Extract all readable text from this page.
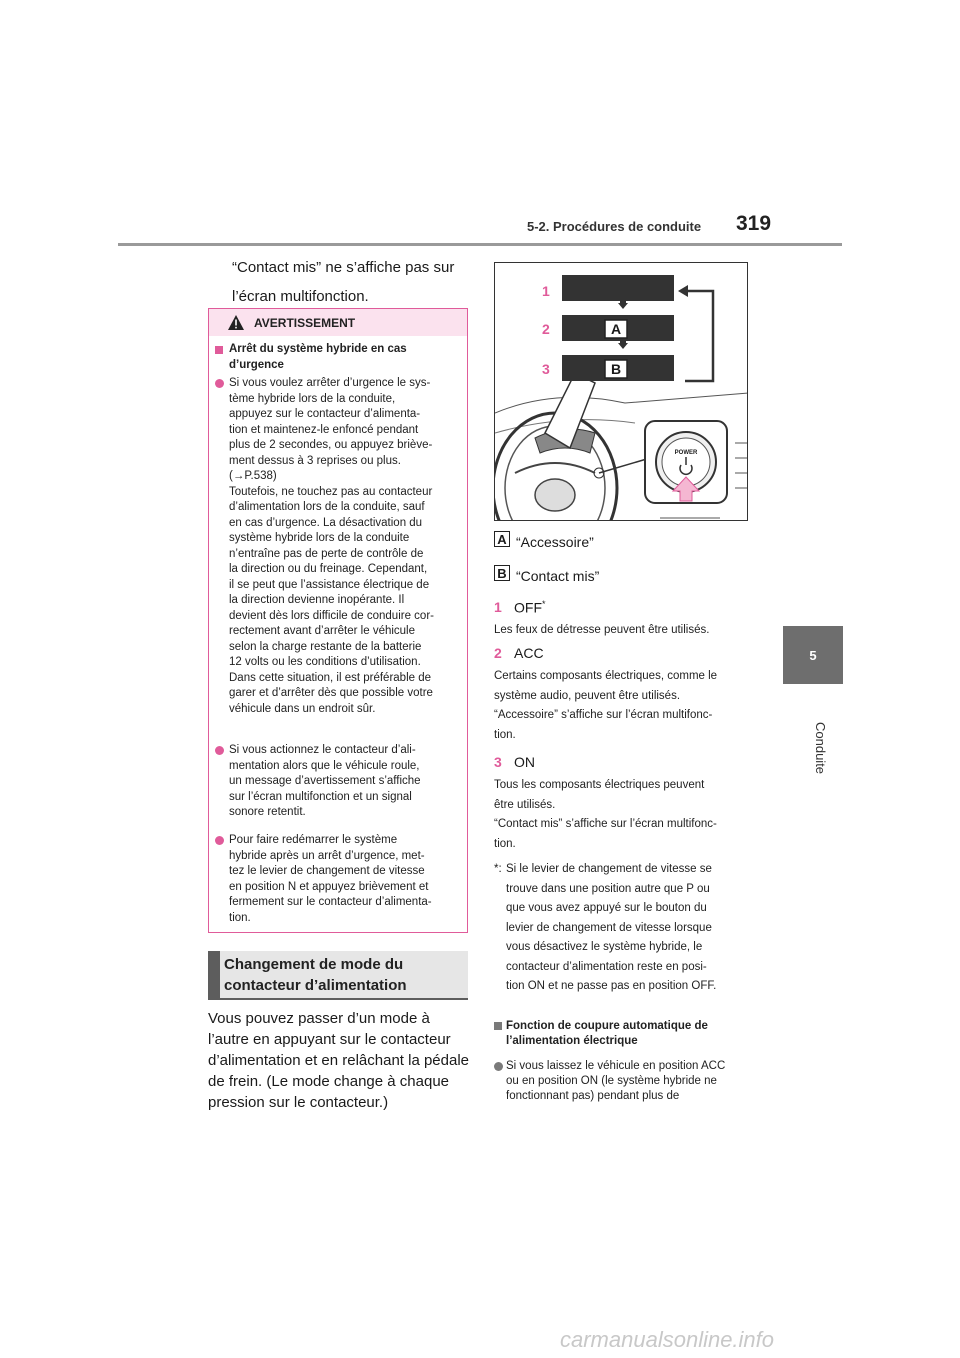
5-2. Procédures de conduite 319
5
Conduite
“Contact mis” ne s’affiche pas sur l’écran multifonction.
AVERTISSEMENT
Arrêt du système hybride en cas d’urgence
Si vous voulez arrêter d’urgence le sys-
tème hybride lors de la conduite,
appuyez sur le contacteur d’alimenta-
tion et maintenez-le enfoncé pendant
plus de 2 secondes, ou appuyez briève-
ment dessus à 3 reprises ou plus.
(→P.538)
Toutefois, ne touchez pas au contacteur
d’alimentation lors de la conduite, sauf
en cas d’urgence. La désactivation du
système hybride lors de la conduite
n’entraîne pas de perte de contrôle de
la direction ou du freinage. Cependant,
il se peut que l’assistance électrique de
la direction devienne inopérante. Il
devient dès lors difficile de conduire cor-
rectement avant d’arrêter le véhicule
selon la charge restante de la batterie
12 volts ou les conditions d’utilisation.
Dans cette situation, il est préférable de
garer et d’arrêter dès que possible votre
véhicule dans un endroit sûr.
Si vous actionnez le contacteur d’ali-
mentation alors que le véhicule roule,
un message d’avertissement s’affiche
sur l’écran multifonction et un signal
sonore retentit.
Pour faire redémarrer le système
hybride après un arrêt d’urgence, met-
tez le levier de changement de vitesse
en position N et appuyez brièvement et
fermement sur le contacteur d’alimenta-
tion.
Changement de mode du
contacteur d’alimentation
Vous pouvez passer d’un mode à
l’autre en appuyant sur le contacteur
d’alimentation et en relâchant la pédale
de frein. (Le mode change à chaque
pression sur le contacteur.)
1
2
3
A
B
POWER
A “Accessoire”
B “Contact mis”
1 OFF*
Les feux de détresse peuvent être utilisés.
2 ACC
Certains composants électriques, comme le
système audio, peuvent être utilisés.
“Accessoire” s’affiche sur l’écran multifonc-
tion.
3 ON
Tous les composants électriques peuvent
être utilisés.
“Contact mis” s’affiche sur l’écran multifonc-
tion.
*: Si le levier de changement de vitesse se
trouve dans une position autre que P ou
que vous avez appuyé sur le bouton du
levier de changement de vitesse lorsque
vous désactivez le système hybride, le
contacteur d’alimentation reste en posi-
tion ON et ne passe pas en position OFF.
Fonction de coupure automatique de
l’alimentation électrique
Si vous laissez le véhicule en position ACC
ou en position ON (le système hybride ne
fonctionnant pas) pendant plus de
carmanualsonline.info
